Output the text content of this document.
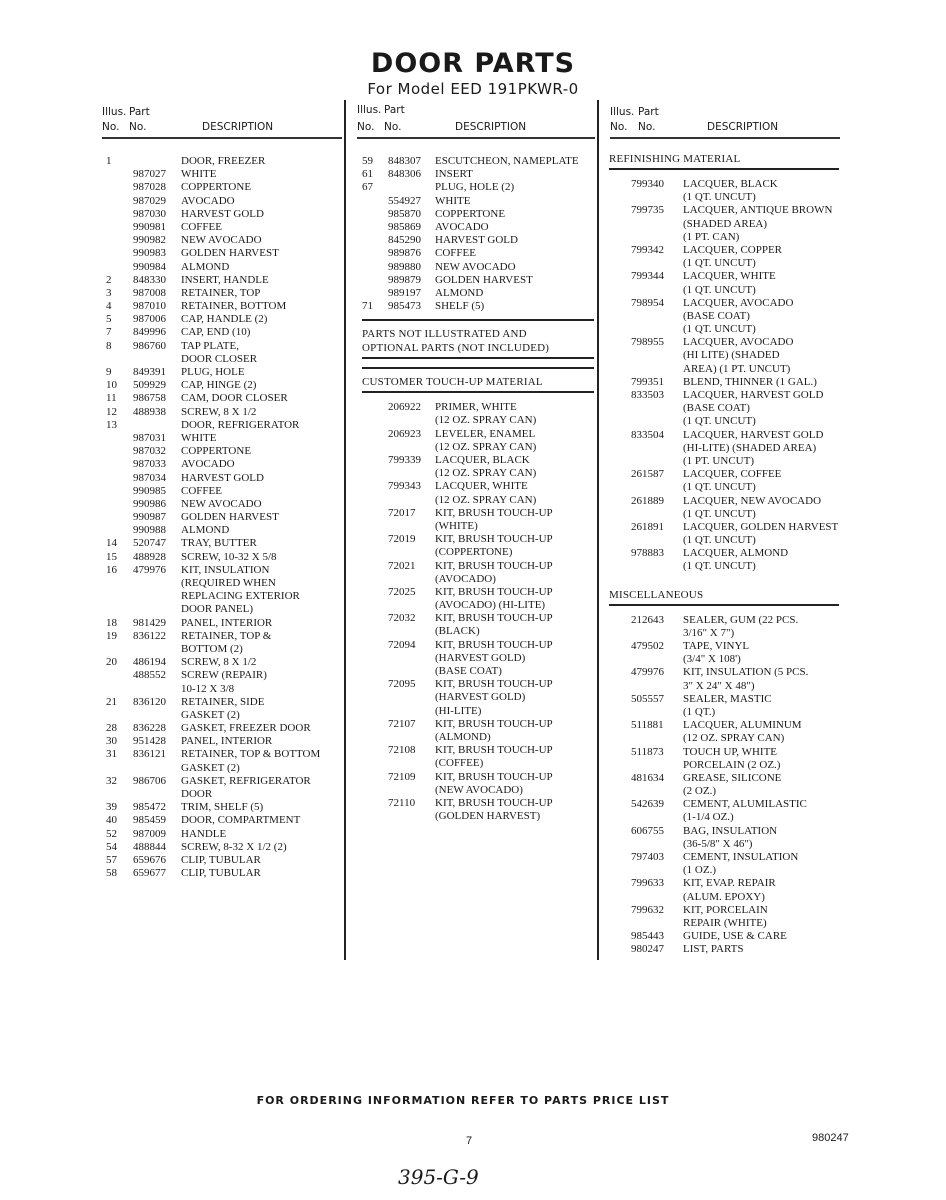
DOOR PARTS
For Model EED 191PKWR-0
Illus. Part
No. No.	DESCRIPTION
Illus. Part
No. No.	DESCRIPTION
Illus. Part
No. No.	DESCRIPTION
1	DOOR, FREEZER
987027 WHITE
987028 COPPERTONE
987029 AVOCADO
987030 HARVEST GOLD
990981 COFFEE
990982 NEW AVOCADO
990983 GOLDEN HARVEST
990984 ALMOND
2 848330 INSERT, HANDLE
3 987008 RETAINER, TOP
4 987010 RETAINER, BOTTOM
5 987006 CAP, HANDLE (2)
7 849996 CAP, END (10)
8 986760 TAP PLATE,
DOOR CLOSER
9 849391 PLUG, HOLE
10 509929 CAP, HINGE (2)
11 986758 CAM, DOOR CLOSER
12 488938 SCREW, 8 X 1/2
13	DOOR, REFRIGERATOR
987031 WHITE
987032 COPPERTONE
987033 AVOCADO
987034 HARVEST GOLD
990985 COFFEE
990986 NEW AVOCADO
990987 GOLDEN HARVEST
990988 ALMOND
14 520747 TRAY, BUTTER
15 488928 SCREW, 10-32 X 5/8
16 479976 KIT, INSULATION
(REQUIRED WHEN
REPLACING EXTERIOR
DOOR PANEL)
18 981429 PANEL, INTERIOR
19 836122 RETAINER, TOP &
BOTTOM (2)
20 486194 SCREW, 8 X 1/2
488552 SCREW (REPAIR)
10-12 X 3/8
21 836120 RETAINER, SIDE
GASKET (2)
28 836228 GASKET, FREEZER DOOR
30 951428 PANEL, INTERIOR
31 836121 RETAINER, TOP & BOTTOM
GASKET (2)
32 986706 GASKET, REFRIGERATOR
DOOR
39 985472 TRIM, SHELF (5)
40 985459 DOOR, COMPARTMENT
52 987009 HANDLE
54 488844 SCREW, 8-32 X 1/2 (2)
57 659676 CLIP, TUBULAR
58 659677 CLIP, TUBULAR
59 848307 ESCUTCHEON, NAMEPLATE
61 848306 INSERT
67	PLUG, HOLE (2)
554927 WHITE
985870 COPPERTONE
985869 AVOCADO
845290 HARVEST GOLD
989876 COFFEE
989880 NEW AVOCADO
989879 GOLDEN HARVEST
989197 ALMOND
71 985473 SHELF (5)
PARTS NOT ILLUSTRATED AND
OPTIONAL PARTS (NOT INCLUDED)
CUSTOMER TOUCH-UP MATERIAL
206922 PRIMER, WHITE
(12 OZ. SPRAY CAN)
206923 LEVELER, ENAMEL
(12 OZ. SPRAY CAN)
799339 LACQUER, BLACK
(12 OZ. SPRAY CAN)
799343 LACQUER, WHITE
(12 OZ. SPRAY CAN)
72017 KIT, BRUSH TOUCH-UP
(WHITE)
72019 KIT, BRUSH TOUCH-UP
(COPPERTONE)
72021 KIT, BRUSH TOUCH-UP
(AVOCADO)
72025 KIT, BRUSH TOUCH-UP
(AVOCADO) (HI-LITE)
72032 KIT, BRUSH TOUCH-UP
(BLACK)
72094 KIT, BRUSH TOUCH-UP
(HARVEST GOLD)
(BASE COAT)
72095 KIT, BRUSH TOUCH-UP
(HARVEST GOLD)
(HI-LITE)
72107 KIT, BRUSH TOUCH-UP
(ALMOND)
72108 KIT, BRUSH TOUCH-UP
(COFFEE)
72109 KIT, BRUSH TOUCH-UP
(NEW AVOCADO)
72110 KIT, BRUSH TOUCH-UP
(GOLDEN HARVEST)
REFINISHING MATERIAL
799340 LACQUER, BLACK
(1 QT. UNCUT)
799735 LACQUER, ANTIQUE BROWN
(SHADED AREA)
(1 PT. CAN)
799342 LACQUER, COPPER
(1 QT. UNCUT)
799344 LACQUER, WHITE
(1 QT. UNCUT)
798954 LACQUER, AVOCADO
(BASE COAT)
(1 QT. UNCUT)
798955 LACQUER, AVOCADO
(HI LITE) (SHADED
AREA) (1 PT. UNCUT)
799351 BLEND, THINNER (1 GAL.)
833503 LACQUER, HARVEST GOLD
(BASE COAT)
(1 QT. UNCUT)
833504 LACQUER, HARVEST GOLD
(HI-LITE) (SHADED AREA)
(1 PT. UNCUT)
261587 LACQUER, COFFEE
(1 QT. UNCUT)
261889 LACQUER, NEW AVOCADO
(1 QT. UNCUT)
261891 LACQUER, GOLDEN HARVEST
(1 QT. UNCUT)
978883 LACQUER, ALMOND
(1 QT. UNCUT)
MISCELLANEOUS
212643 SEALER, GUM (22 PCS.
3/16" X 7")
479502 TAPE, VINYL
(3/4" X 108')
479976 KIT, INSULATION (5 PCS.
3" X 24" X 48")
505557 SEALER, MASTIC
(1 QT.)
511881 LACQUER, ALUMINUM
(12 OZ. SPRAY CAN)
511873 TOUCH UP, WHITE
PORCELAIN (2 OZ.)
481634 GREASE, SILICONE
(2 OZ.)
542639 CEMENT, ALUMILASTIC
(1-1/4 OZ.)
606755 BAG, INSULATION
(36-5/8" X 46")
797403 CEMENT, INSULATION
(1 OZ.)
799633 KIT, EVAP. REPAIR
(ALUM. EPOXY)
799632 KIT, PORCELAIN
REPAIR (WHITE)
985443 GUIDE, USE & CARE
980247 LIST, PARTS
FOR ORDERING INFORMATION REFER TO PARTS PRICE LIST
7	980247
395-G-9
